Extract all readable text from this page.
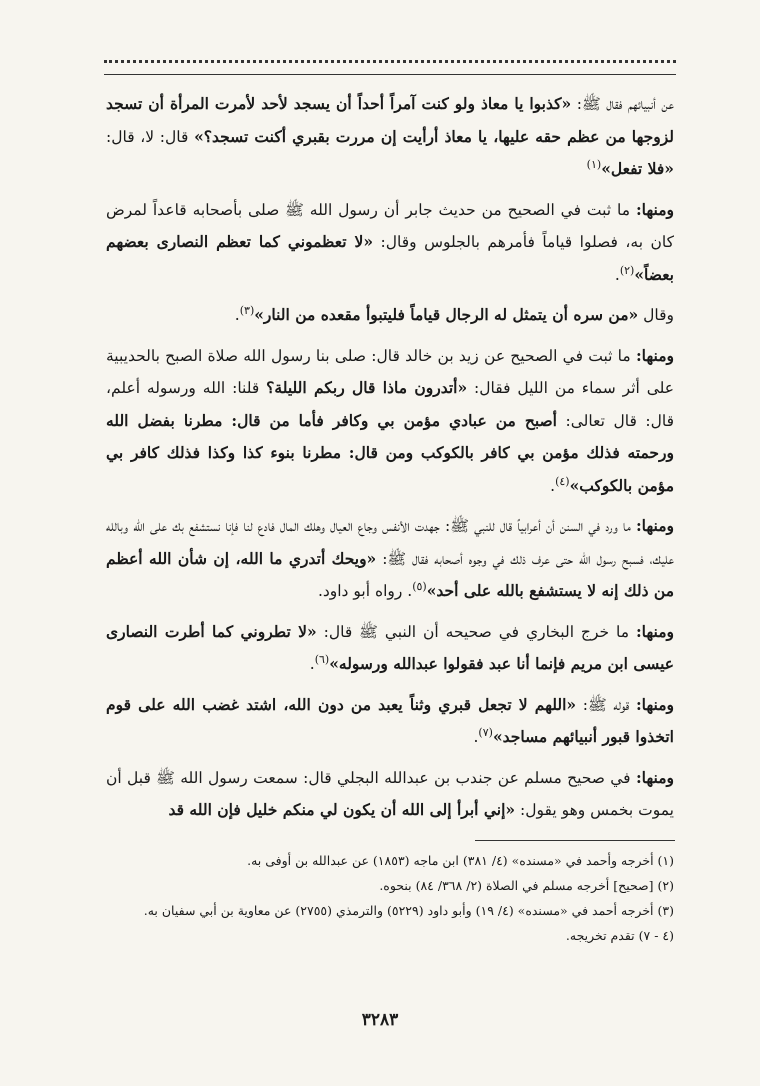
عن أنبيائهم فقال ﷺ: «كذبوا يا معاذ ولو كنت آمراً أحداً أن يسجد لأحد لأمرت المرأة أن تسجد لزوجها من عظم حقه عليها، يا معاذ أرأيت إن مررت بقبري أكنت تسجد؟» قال: لا، قال: «فلا تفعل»$^{(١)}$

ومنها: ما ثبت في الصحيح من حديث جابر أن رسول الله ﷺ صلى بأصحابه قاعداً لمرض كان به، فصلوا قياماً فأمرهم بالجلوس وقال: «لا تعظموني كما تعظم النصارى بعضهم بعضاً»$^{(٢)}$.

وقال «من سره أن يتمثل له الرجال قياماً فليتبوأ مقعده من النار»$^{(٣)}$.

ومنها: ما ثبت في الصحيح عن زيد بن خالد قال: صلى بنا رسول الله صلاة الصبح بالحديبية على أثر سماء من الليل فقال: «أتدرون ماذا قال ربكم الليلة؟ قلنا: الله ورسوله أعلم، قال: قال تعالى: أصبح من عبادي مؤمن بي وكافر فأما من قال: مطرنا بفضل الله ورحمته فذلك مؤمن بي كافر بالكوكب ومن قال: مطرنا بنوء كذا وكذا فذلك كافر بي مؤمن بالكوكب»$^{(٤)}$.

ومنها: ما ورد في السنن أن أعرابياً قال للنبي ﷺ: جهدت الأنفس وجاع العيال وهلك المال فادع لنا فإنا نستشفع بك على الله وبالله عليك، فسبح رسول الله حتى عرف ذلك في وجوه أصحابه فقال ﷺ: «ويحك أتدري ما الله، إن شأن الله أعظم من ذلك إنه لا يستشفع بالله على أحد»$^{(٥)}$. رواه أبو داود.

ومنها: ما خرج البخاري في صحيحه أن النبي ﷺ قال: «لا تطروني كما أطرت النصارى عيسى ابن مريم فإنما أنا عبد فقولوا عبدالله ورسوله»$^{(٦)}$.

ومنها: قوله ﷺ: «اللهم لا تجعل قبري وثناً يعبد من دون الله، اشتد غضب الله على قوم اتخذوا قبور أنبيائهم مساجد»$^{(٧)}$.

ومنها: في صحيح مسلم عن جندب بن عبدالله البجلي قال: سمعت رسول الله ﷺ قبل أن يموت بخمس وهو يقول: «إني أبرأ إلى الله أن يكون لي منكم خليل فإن الله قد

(١) أخرجه وأحمد في «مسنده» (٤/ ٣٨١) ابن ماجه (١٨٥٣) عن عبدالله بن أوفى به.

(٢) [صحيح] أخرجه مسلم في الصلاة (٢/ ٣٦٨/ ٨٤) بنحوه.

(٣) أخرجه أحمد في «مسنده» (٤/ ١٩) وأبو داود (٥٢٢٩) والترمذي (٢٧٥٥) عن معاوية بن أبي سفيان به.

(٤ - ٧) تقدم تخريجه.

٣٢٨٣
